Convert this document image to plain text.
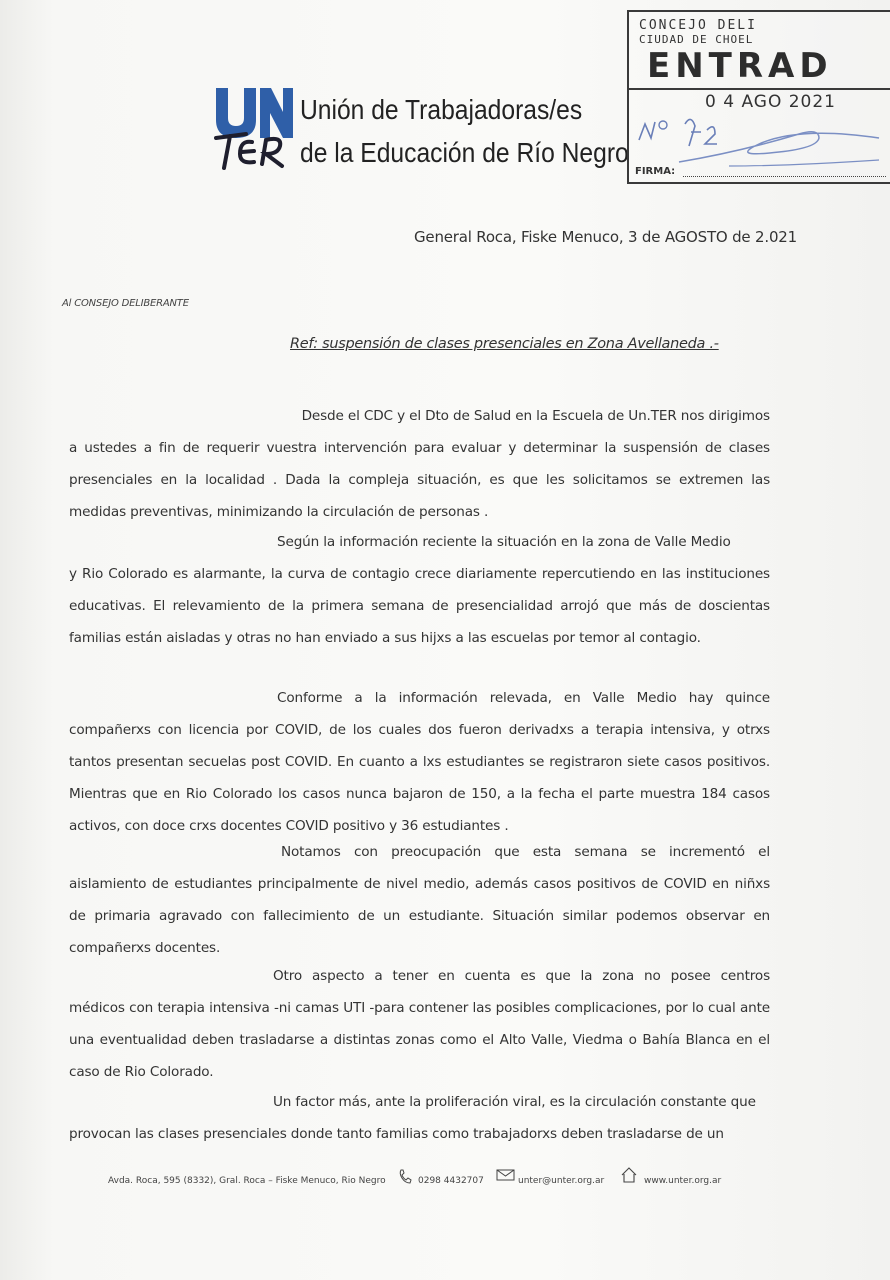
Unión de Trabajadoras/es
de la Educación de Río Negro
CONCEJO DELI
CIUDAD DE CHOEL
ENTRAD
0 4 AGO 2021
FIRMA:
General Roca, Fiske Menuco, 3 de AGOSTO de 2.021
Al CONSEJO DELIBERANTE
Ref: suspensión de clases presenciales en Zona Avellaneda .-
Desde el CDC y el Dto de Salud en la Escuela de Un.TER nos dirigimos
a ustedes a fin de requerir vuestra intervención para evaluar y determinar la suspensión de clases presenciales en la localidad . Dada la compleja situación, es que les solicitamos se extremen las medidas preventivas, minimizando la circulación de personas .
Según la información reciente la situación en la zona de Valle Medio
y Rio Colorado es alarmante, la curva de contagio crece diariamente repercutiendo en las instituciones educativas. El relevamiento de la primera semana de presencialidad arrojó que más de doscientas familias están aisladas y otras no han enviado a sus hijxs a las escuelas por temor al contagio.
Conforme a la información relevada, en Valle Medio hay quince
compañerxs con licencia por COVID, de los cuales dos fueron derivadxs a terapia intensiva, y otrxs tantos presentan secuelas post COVID. En cuanto a lxs estudiantes se registraron siete casos positivos. Mientras que en Rio Colorado los casos nunca bajaron de 150, a la fecha el parte muestra 184 casos activos, con doce crxs docentes COVID positivo y 36 estudiantes .
Notamos con preocupación que esta semana se incrementó el
aislamiento de estudiantes principalmente de nivel medio, además casos positivos de COVID en niñxs de primaria agravado con fallecimiento de un estudiante. Situación similar podemos observar en compañerxs docentes.
Otro aspecto a tener en cuenta es que la zona no posee centros
médicos con terapia intensiva -ni camas UTI -para contener las posibles complicaciones, por lo cual ante una eventualidad deben trasladarse a distintas zonas como el Alto Valle, Viedma o Bahía Blanca en el caso de Rio Colorado.
Un factor más, ante la proliferación viral, es la circulación constante que
provocan las clases presenciales donde tanto familias como trabajadorxs deben trasladarse de un
Avda. Roca, 595 (8332), Gral. Roca – Fiske Menuco, Rio Negro	0298 4432707	unter@unter.org.ar	www.unter.org.ar
